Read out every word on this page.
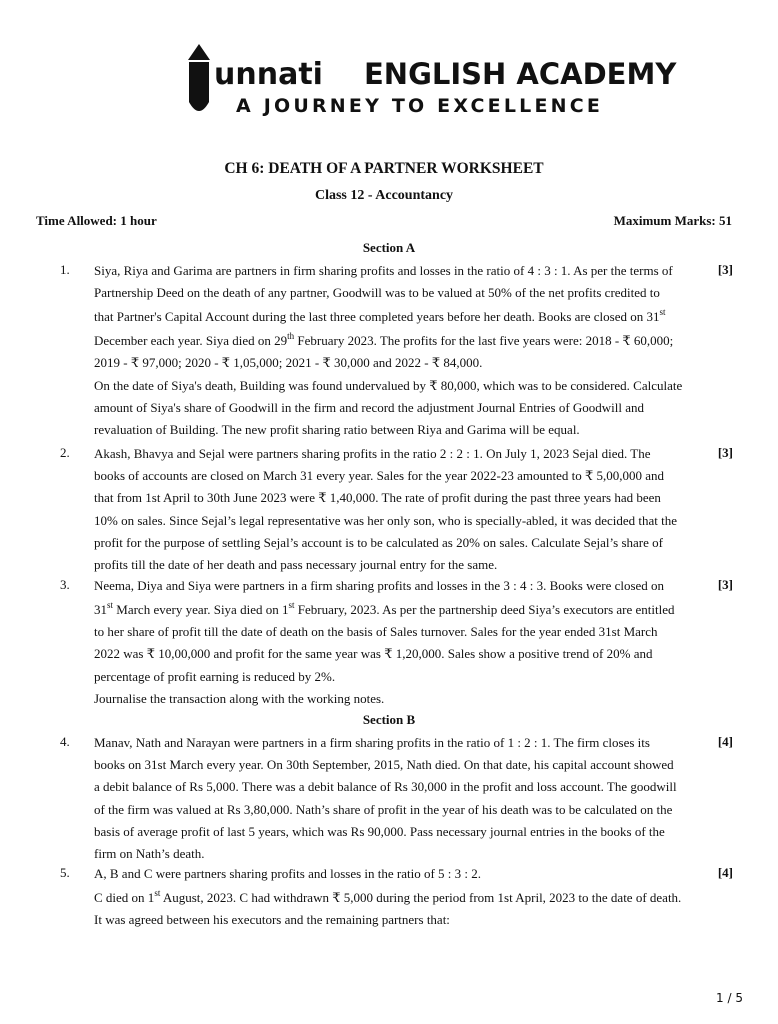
unnati ENGLISH ACADEMY
A JOURNEY TO EXCELLENCE
CH 6: DEATH OF A PARTNER WORKSHEET
Class 12 - Accountancy
Time Allowed: 1 hour	Maximum Marks: 51
Section A
1.	[3]
Siya, Riya and Garima are partners in firm sharing profits and losses in the ratio of 4 : 3 : 1. As per the terms of
Partnership Deed on the death of any partner, Goodwill was to be valued at 50% of the net profits credited to
that Partner's Capital Account during the last three completed years before her death. Books are closed on 31st
December each year. Siya died on 29th February 2023. The profits for the last five years were: 2018 - ₹ 60,000;
2019 - ₹ 97,000; 2020 - ₹ 1,05,000; 2021 - ₹ 30,000 and 2022 - ₹ 84,000.
On the date of Siya's death, Building was found undervalued by ₹ 80,000, which was to be considered. Calculate
amount of Siya's share of Goodwill in the firm and record the adjustment Journal Entries of Goodwill and
revaluation of Building. The new profit sharing ratio between Riya and Garima will be equal.
2.	[3]
Akash, Bhavya and Sejal were partners sharing profits in the ratio 2 : 2 : 1. On July 1, 2023 Sejal died. The
books of accounts are closed on March 31 every year. Sales for the year 2022-23 amounted to ₹ 5,00,000 and
that from 1st April to 30th June 2023 were ₹ 1,40,000. The rate of profit during the past three years had been
10% on sales. Since Sejal’s legal representative was her only son, who is specially-abled, it was decided that the
profit for the purpose of settling Sejal’s account is to be calculated as 20% on sales. Calculate Sejal’s share of
profits till the date of her death and pass necessary journal entry for the same.
3.	[3]
Neema, Diya and Siya were partners in a firm sharing profits and losses in the 3 : 4 : 3. Books were closed on
31st March every year. Siya died on 1st February, 2023. As per the partnership deed Siya’s executors are entitled
to her share of profit till the date of death on the basis of Sales turnover. Sales for the year ended 31st March
2022 was ₹ 10,00,000 and profit for the same year was ₹ 1,20,000. Sales show a positive trend of 20% and
percentage of profit earning is reduced by 2%.
Journalise the transaction along with the working notes.
Section B
4.	[4]
Manav, Nath and Narayan were partners in a firm sharing profits in the ratio of 1 : 2 : 1. The firm closes its
books on 31st March every year. On 30th September, 2015, Nath died. On that date, his capital account showed
a debit balance of Rs 5,000. There was a debit balance of Rs 30,000 in the profit and loss account. The goodwill
of the firm was valued at Rs 3,80,000. Nath’s share of profit in the year of his death was to be calculated on the
basis of average profit of last 5 years, which was Rs 90,000. Pass necessary journal entries in the books of the
firm on Nath’s death.
5.	[4]
A, B and C were partners sharing profits and losses in the ratio of 5 : 3 : 2.
C died on 1st August, 2023. C had withdrawn ₹ 5,000 during the period from 1st April, 2023 to the date of death.
It was agreed between his executors and the remaining partners that:
1 / 5
